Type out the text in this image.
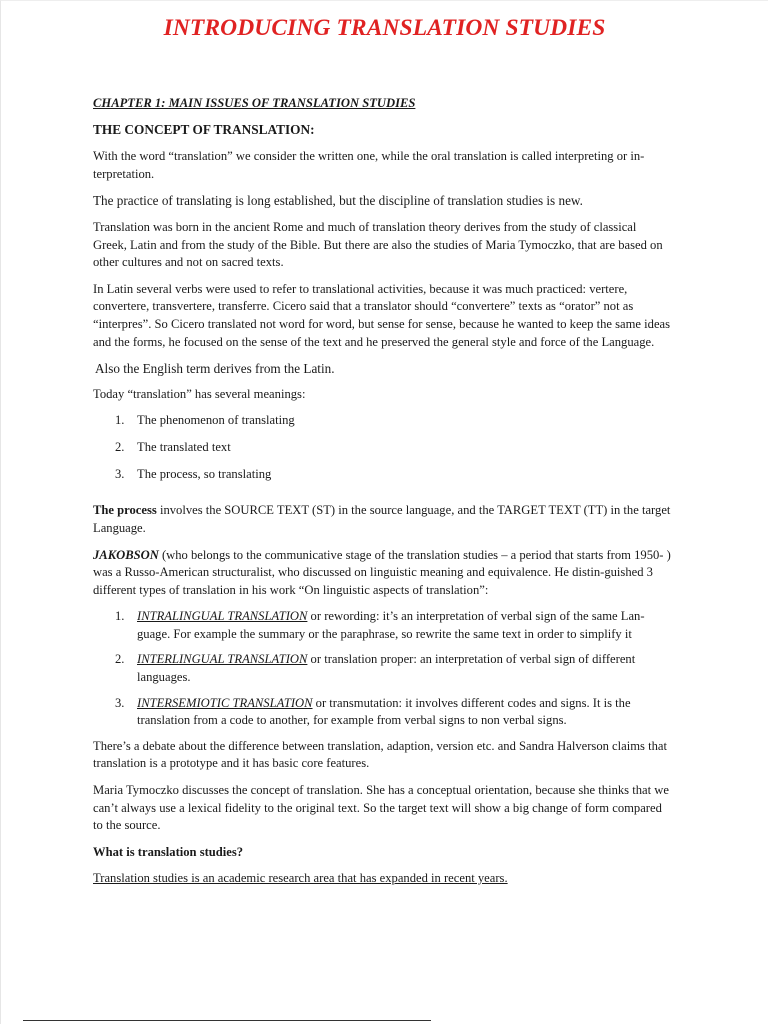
INTRODUCING TRANSLATION STUDIES
CHAPTER 1: MAIN ISSUES OF TRANSLATION STUDIES
THE CONCEPT OF TRANSLATION:
With the word “translation” we consider the written one, while the oral translation is called interpreting or in-terpretation.
The practice of translating is long established, but the discipline of translation studies is new.
Translation was born in the ancient Rome and much of translation theory derives from the study of classical Greek, Latin and from the study of the Bible. But there are also the studies of Maria Tymoczko, that are based on other cultures and not on sacred texts.
In Latin several verbs were used to refer to translational activities, because it was much practiced: vertere, convertere, transvertere, transferre. Cicero said that a translator should “convertere” texts as “orator” not as “interpres”. So Cicero translated not word for word, but sense for sense, because he wanted to keep the same ideas and the forms, he focused on the sense of the text and he preserved the general style and force of the Language.
Also the English term derives from the Latin.
Today “translation” has several meanings:
1. The phenomenon of translating
2. The translated text
3. The process, so translating
The process involves the SOURCE TEXT (ST) in the source language, and the TARGET TEXT (TT) in the target Language.
JAKOBSON (who belongs to the communicative stage of the translation studies – a period that starts from 1950- ) was a Russo-American structuralist, who discussed on linguistic meaning and equivalence. He distin-guished 3 different types of translation in his work “On linguistic aspects of translation”:
1. INTRALINGUAL TRANSLATION or rewording: it’s an interpretation of verbal sign of the same Lan-guage. For example the summary or the paraphrase, so rewrite the same text in order to simplify it
2. INTERLINGUAL TRANSLATION or translation proper: an interpretation of verbal sign of different languages.
3. INTERSEMIOTIC TRANSLATION or transmutation: it involves different codes and signs. It is the translation from a code to another, for example from verbal signs to non verbal signs.
There’s a debate about the difference between translation, adaption, version etc. and Sandra Halverson claims that translation is a prototype and it has basic core features.
Maria Tymoczko discusses the concept of translation. She has a conceptual orientation, because she thinks that we can’t always use a lexical fidelity to the original text. So the target text will show a big change of form compared to the source.
What is translation studies?
Translation studies is an academic research area that has expanded in recent years.
